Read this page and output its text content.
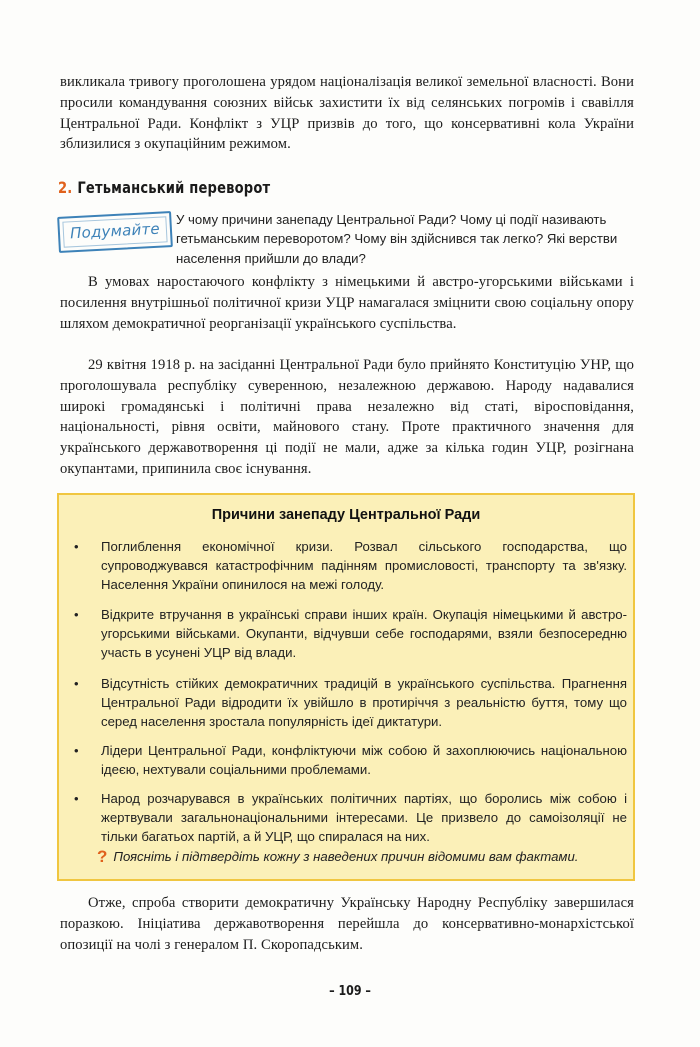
викликала тривогу проголошена урядом націоналізація великої земельної власності. Вони просили командування союзних військ захистити їх від селянських погромів і свавілля Центральної Ради. Конфлікт з УЦР призвів до того, що консервативні кола України зблизилися з окупаційним режимом.

2. Гетьманський переворот
Подумайте
У чому причини занепаду Центральної Ради? Чому ці події називають гетьманським переворотом? Чому він здійснився так легко? Які верстви населення прийшли до влади?

В умовах наростаючого конфлікту з німецькими й австро-угорськими військами і посилення внутрішньої політичної кризи УЦР намагалася зміцнити свою соціальну опору шляхом демократичної реорганізації українського суспільства.

29 квітня 1918 р. на засіданні Центральної Ради було прийнято Конституцію УНР, що проголошувала республіку суверенною, незалежною державою. Народу надавалися широкі громадянські і політичні права незалежно від статі, віросповідання, національності, рівня освіти, майнового стану. Проте практичного значення для українського державотворення ці події не мали, адже за кілька годин УЦР, розігнана окупантами, припинила своє існування.

Причини занепаду Центральної Ради
• Поглиблення економічної кризи. Розвал сільського господарства, що супроводжувався катастрофічним падінням промисловості, транспорту та зв'язку. Населення України опинилося на межі голоду.
• Відкрите втручання в українські справи інших країн. Окупація німецькими й австро-угорськими військами. Окупанти, відчувши себе господарями, взяли безпосередню участь в усунені УЦР від влади.
• Відсутність стійких демократичних традицій в українського суспільства. Прагнення Центральної Ради відродити їх увійшло в протиріччя з реальністю буття, тому що серед населення зростала популярність ідеї диктатури.
• Лідери Центральної Ради, конфліктуючи між собою й захоплюючись національною ідеєю, нехтували соціальними проблемами.
• Народ розчарувався в українських політичних партіях, що боролись між собою і жертвували загальнонаціональними інтересами. Це призвело до самоізоляції не тільки багатьох партій, а й УЦР, що спиралася на них.
? Поясніть і підтвердіть кожну з наведених причин відомими вам фактами.

Отже, спроба створити демократичну Українську Народну Республіку завершилася поразкою. Ініціатива державотворення перейшла до консервативно-монархістської опозиції на чолі з генералом П. Скоропадським.

– 109 –
